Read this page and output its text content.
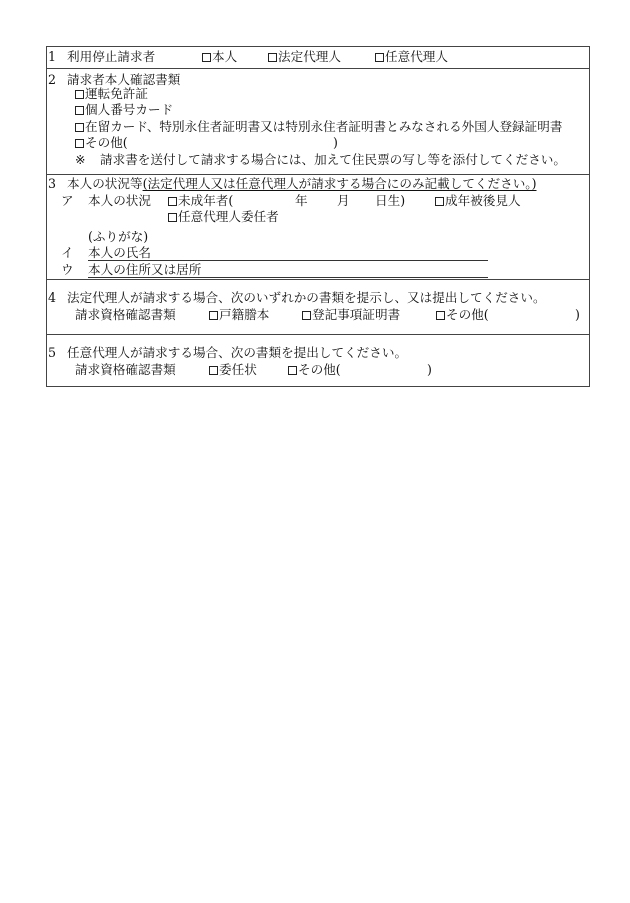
1 利用停止請求者	本人	法定代理人	任意代理人
2 請求者本人確認書類
運転免許証
個人番号カード
在留カード、特別永住者証明書又は特別永住者証明書とみなされる外国人登録証明書
その他(	)
※ 請求書を送付して請求する場合には、加えて住民票の写し等を添付してください。
3 本人の状況等(法定代理人又は任意代理人が請求する場合にのみ記載してください。)
ア 本人の状況	未成年者(	年 月 日生)	成年被後見人
任意代理人委任者
(ふりがな)
イ 本人の氏名
ウ 本人の住所又は居所
4 法定代理人が請求する場合、次のいずれかの書類を提示し、又は提出してください。
請求資格確認書類	戸籍謄本	登記事項証明書	その他(	)
5 任意代理人が請求する場合、次の書類を提出してください。
請求資格確認書類	委任状	その他(	)
